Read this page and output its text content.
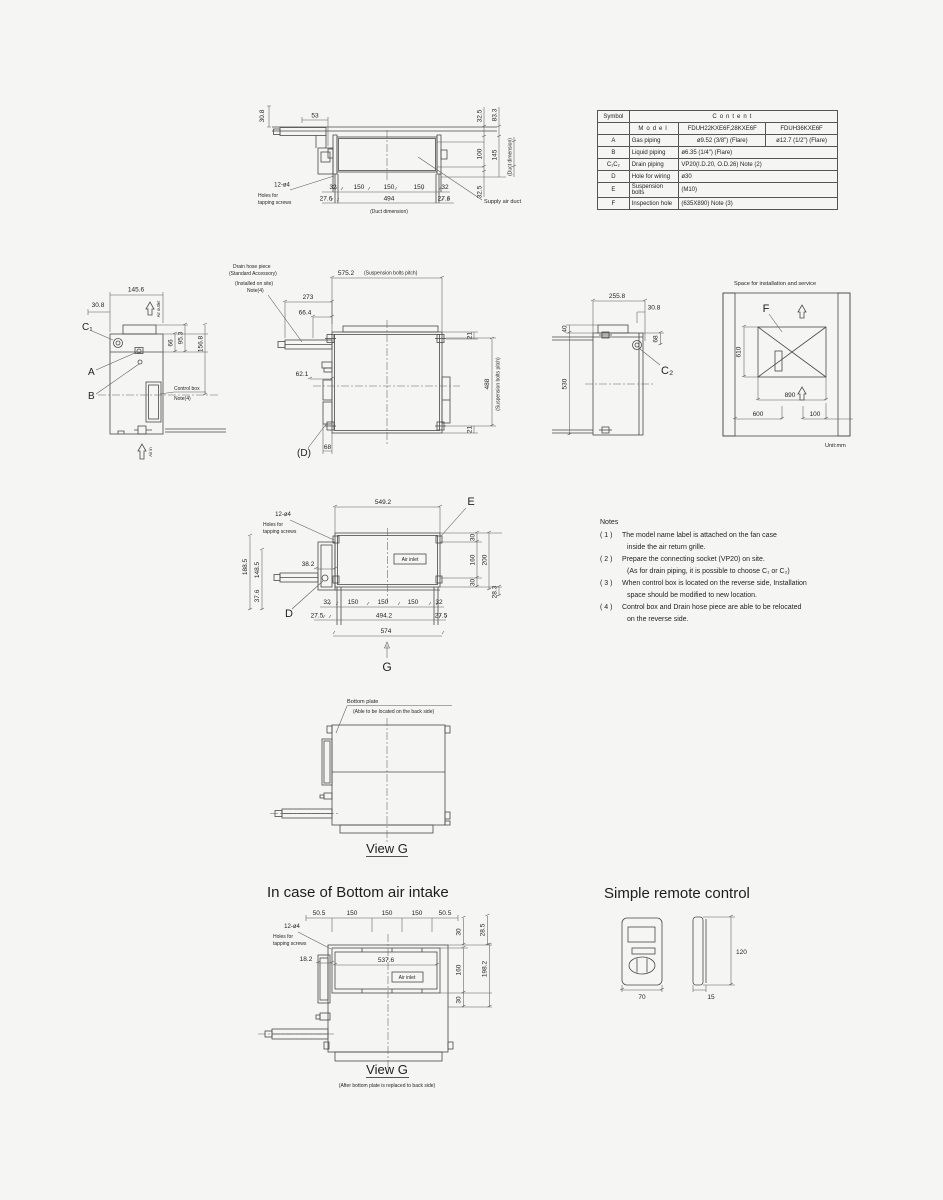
30.8	53	32.5 83.3
100 145 (Duct dimension)
32.5
32	150	150	150	32
27.6	494	27.6
(Duct dimension)
12-ø4
Holes for
tapping screws	Supply air duct
Symbol	Content		
	Model	FDUH22KXE6F,28KXE6F	FDUH36KXE6F
A	Gas piping	ø9.52 (3/8") (Flare)	ø12.7 (1/2") (Flare)
B	Liquid piping	ø6.35 (1/4") (Flare)	
C₁C₂	Drain piping	VP20(I.D.20, O.D.26) Note (2)	
D	Hole for wiring	ø30	
E	Suspension bolts	(M10)	
F	Inspection hole	(635X890) Note (3)	
145.6
30.8
C₁
A
B
66 95.3 156.8
Air outlet
Air in
Control box
Note(4)
Drain hose piece
(Standard Accessory)
(Installed on site)
Note(4)
273
66.4
575.2 (Suspension bolts pitch)
21
488 (Suspension bolts pitch)
21
62.1
(D)
68
255.8
30.8
40
68
C₂
530
Space for installation and service
F
610
890
600	100
Unit:mm
549.2	E
12-ø4
Holes for
tapping screws
188.5 148.5	38.2
37.6
D
Air inlet
30
160 200
30
28.3
32	150	150	150	32
27.5	494.2	27.5
574
G
Notes
( 1 )	The model name label is attached on the fan case
inside the air return grille.
( 2 )	Prepare the connecting socket (VP20) on site.
(As for drain piping, it is possible to choose C₁ or C₂)
( 3 )	When control box is located on the reverse side, Installation
space should be modified to new location.
( 4 )	Control box and Drain hose piece are able to be relocated
on the reverse side.
Bottom plate
(Able to be located on the back side)
View G
In case of Bottom air intake
50.5	150	150	150 50.5
12-ø4
Holes for
tapping screws
18.2	537.6
Air inlet
30	28.5
160	198.2
30
View G
(After bottom plate is replaced to back side)
Simple remote control
70	15
120
